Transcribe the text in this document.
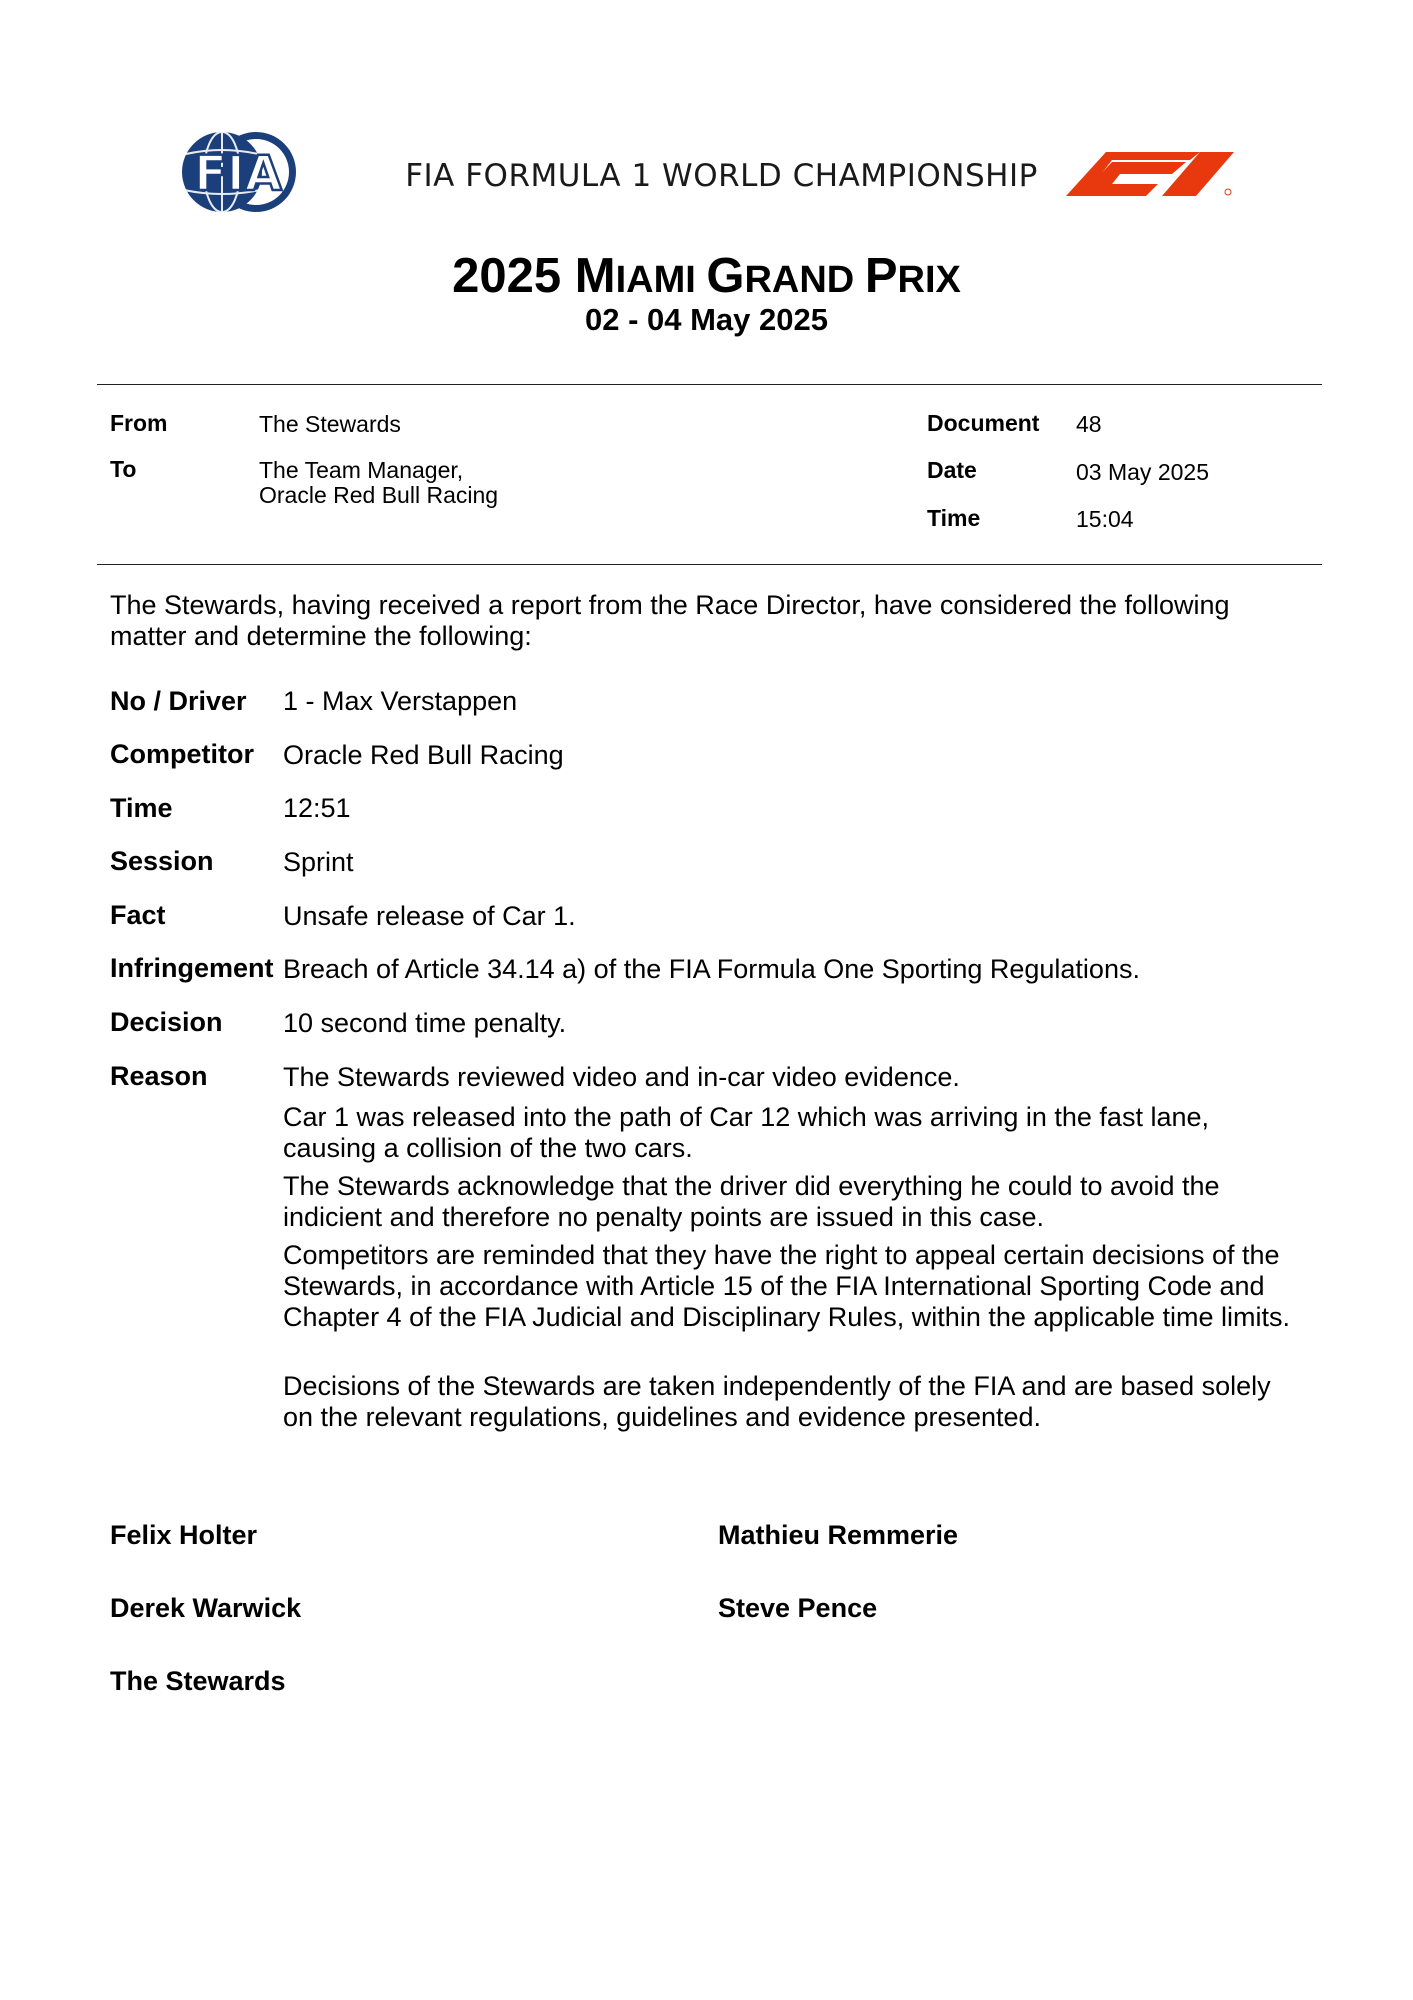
FIA	FIA FORMULA 1 WORLD CHAMPIONSHIP
2025 MIAMI GRAND PRIX
02 - 04 May 2025
From	The Stewards
To	The Team Manager,
Oracle Red Bull Racing
Document 48
Date	03 May 2025
Time	15:04
The Stewards, having received a report from the Race Director, have considered the following
matter and determine the following:
No / Driver 1 - Max Verstappen
Competitor Oracle Red Bull Racing
Time	12:51
Session	Sprint
Fact	Unsafe release of Car 1.
Infringement Breach of Article 34.14 a) of the FIA Formula One Sporting Regulations.
Decision 10 second time penalty.
Reason	The Stewards reviewed video and in-car video evidence.
Car 1 was released into the path of Car 12 which was arriving in the fast lane,
causing a collision of the two cars.
The Stewards acknowledge that the driver did everything he could to avoid the
indicient and therefore no penalty points are issued in this case.
Competitors are reminded that they have the right to appeal certain decisions of the
Stewards, in accordance with Article 15 of the FIA International Sporting Code and
Chapter 4 of the FIA Judicial and Disciplinary Rules, within the applicable time limits.
Decisions of the Stewards are taken independently of the FIA and are based solely
on the relevant regulations, guidelines and evidence presented.
Felix Holter	Mathieu Remmerie
Derek Warwick	Steve Pence
The Stewards
